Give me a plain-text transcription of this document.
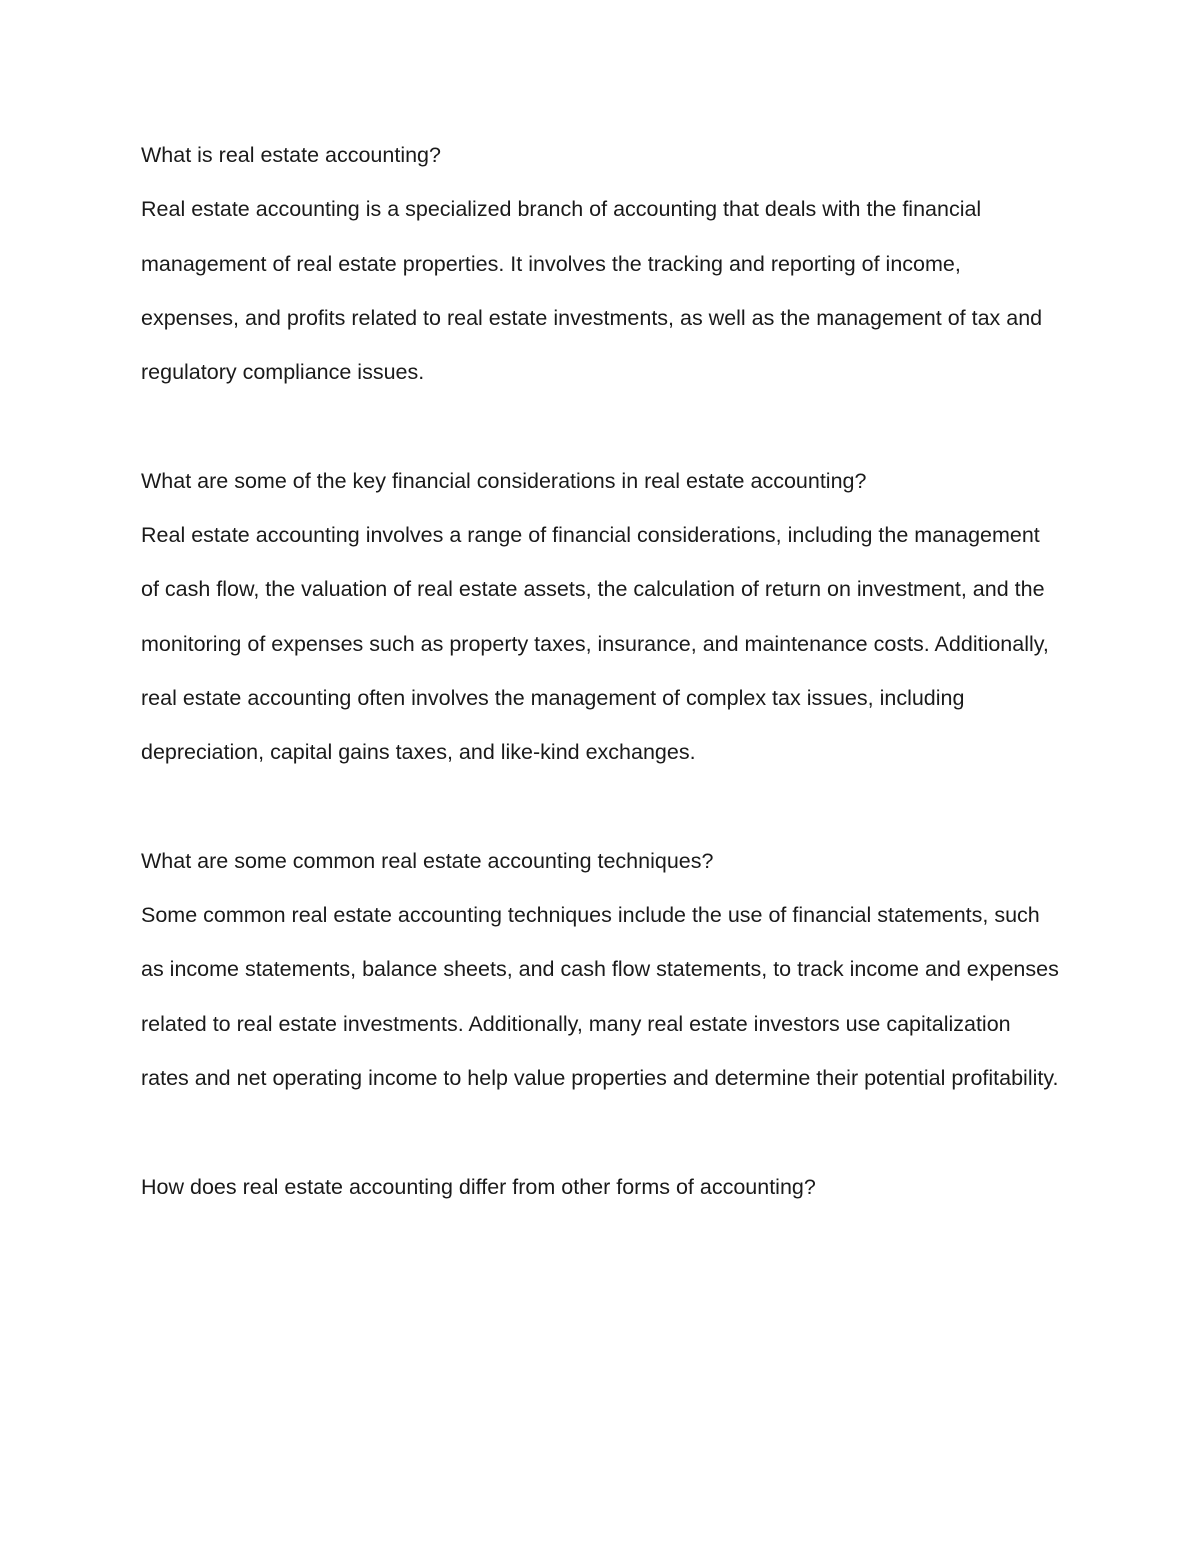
What is real estate accounting?

Real estate accounting is a specialized branch of accounting that deals with the financial management of real estate properties. It involves the tracking and reporting of income, expenses, and profits related to real estate investments, as well as the management of tax and regulatory compliance issues.

What are some of the key financial considerations in real estate accounting?

Real estate accounting involves a range of financial considerations, including the management of cash flow, the valuation of real estate assets, the calculation of return on investment, and the monitoring of expenses such as property taxes, insurance, and maintenance costs. Additionally, real estate accounting often involves the management of complex tax issues, including depreciation, capital gains taxes, and like-kind exchanges.

What are some common real estate accounting techniques?

Some common real estate accounting techniques include the use of financial statements, such as income statements, balance sheets, and cash flow statements, to track income and expenses related to real estate investments. Additionally, many real estate investors use capitalization rates and net operating income to help value properties and determine their potential profitability.

How does real estate accounting differ from other forms of accounting?
